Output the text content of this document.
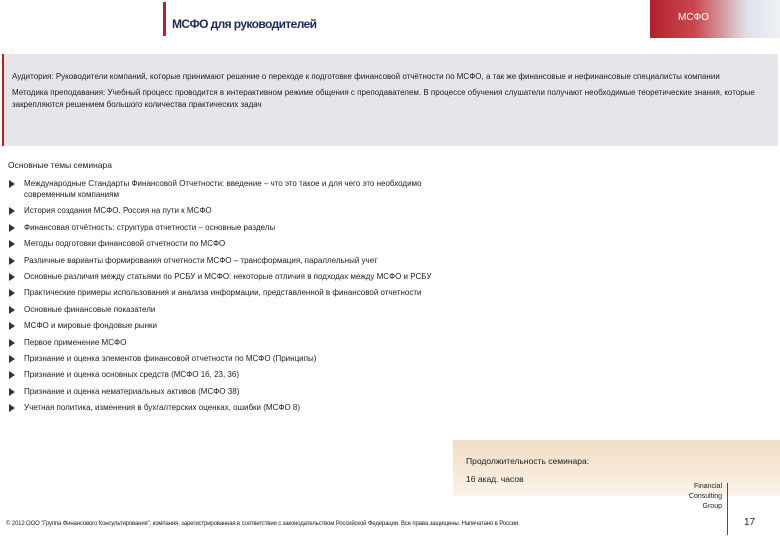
МСФО для руководителей	МСФО

Аудитория: Руководители компаний, которые принимают решение о переходе к подготовке финансовой отчётности по МСФО, а так же финансовые и нефинансовые специалисты компании

Методика преподавания: Учебный процесс проводится в интерактивном режиме общения с преподавателем. В процессе обучения слушатели получают необходимые теоретические знания, которые закрепляются решением большого количества практических задач

Основные темы семинара
Международные Стандарты Финансовой Отчетности: введение – что это такое и для чего это необходимо современным компаниям
История создания МСФО. Россия на пути к МСФО
Финансовая отчётность: структура отчетности – основные разделы
Методы подготовки финансовой отчетности по МСФО
Различные варианты формирования отчетности МСФО – трансформация, параллельный учет
Основные различия между статьями по РСБУ и МСФО: некоторые отличия в подходах между МСФО и РСБУ
Практические примеры использования и анализа информации, представленной в финансовой отчетности
Основные финансовые показатели
МСФО и мировые фондовые рынки
Первое применение МСФО
Признание и оценка элементов финансовой отчетности по МСФО (Принципы)
Признание и оценка основных средств (МСФО 16, 23, 36)
Признание и оценка нематериальных активов (МСФО 38)
Учетная политика, изменения в бухгалтерских оценках, ошибки (МСФО 8)
Продолжительность семинара:
16 акад. часов
© 2012 ООО "Группа Финансового Консультирования", компания, зарегистрированная в соответствии с законодательством Российской Федерации. Все права защищены. Напечатано в России.
Financial
Consulting
Group
17
